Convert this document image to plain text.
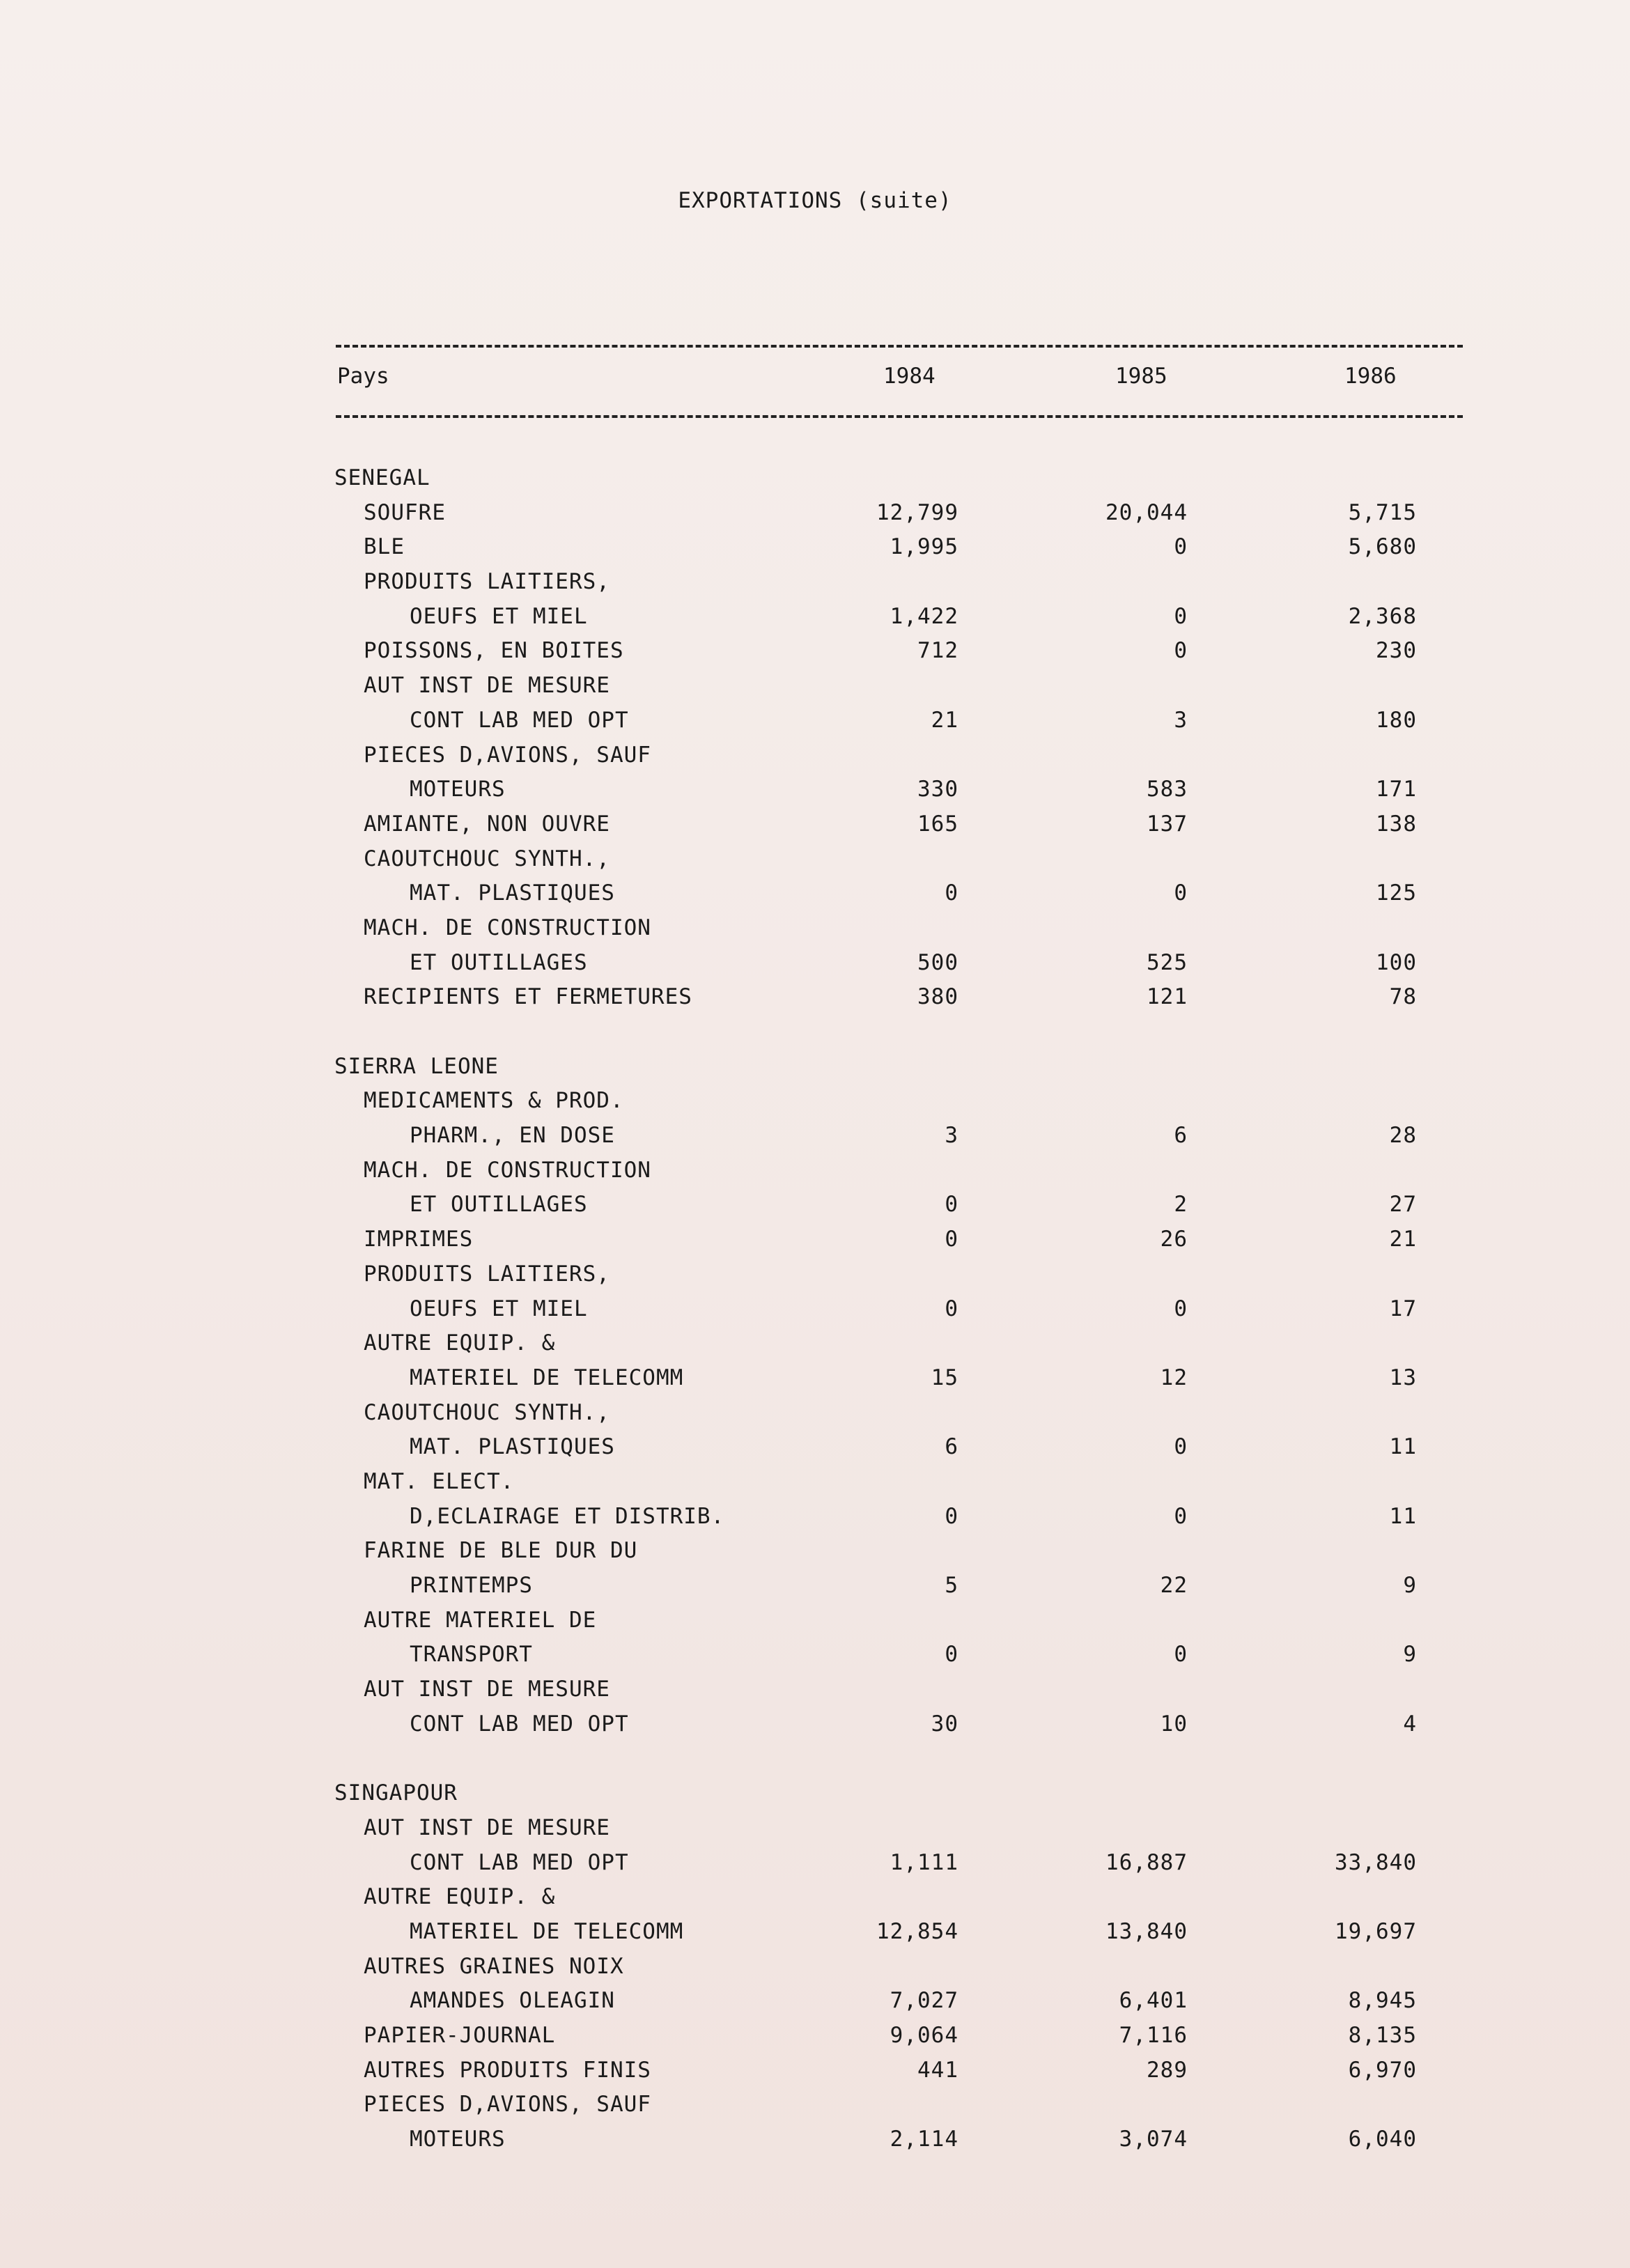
EXPORTATIONS (suite)
Pays	1984	1985	1986
SENEGAL
SOUFRE	12,799	20,044	5,715
BLE	1,995	0	5,680
PRODUITS LAITIERS,
OEUFS ET MIEL	1,422	0	2,368
POISSONS, EN BOITES	712	0	230
AUT INST DE MESURE
CONT LAB MED OPT	21	3	180
PIECES D,AVIONS, SAUF
MOTEURS	330	583	171
AMIANTE, NON OUVRE	165	137	138
CAOUTCHOUC SYNTH.,
MAT. PLASTIQUES	0	0	125
MACH. DE CONSTRUCTION
ET OUTILLAGES	500	525	100
RECIPIENTS ET FERMETURES	380	121	78
SIERRA LEONE
MEDICAMENTS & PROD.
PHARM., EN DOSE	3	6	28
MACH. DE CONSTRUCTION
ET OUTILLAGES	0	2	27
IMPRIMES	0	26	21
PRODUITS LAITIERS,
OEUFS ET MIEL	0	0	17
AUTRE EQUIP. &
MATERIEL DE TELECOMM	15	12	13
CAOUTCHOUC SYNTH.,
MAT. PLASTIQUES	6	0	11
MAT. ELECT.
D,ECLAIRAGE ET DISTRIB.	0	0	11
FARINE DE BLE DUR DU
PRINTEMPS	5	22	9
AUTRE MATERIEL DE
TRANSPORT	0	0	9
AUT INST DE MESURE
CONT LAB MED OPT	30	10	4
SINGAPOUR
AUT INST DE MESURE
CONT LAB MED OPT	1,111	16,887	33,840
AUTRE EQUIP. &
MATERIEL DE TELECOMM	12,854	13,840	19,697
AUTRES GRAINES NOIX
AMANDES OLEAGIN	7,027	6,401	8,945
PAPIER-JOURNAL	9,064	7,116	8,135
AUTRES PRODUITS FINIS	441	289	6,970
PIECES D,AVIONS, SAUF
MOTEURS	2,114	3,074	6,040
